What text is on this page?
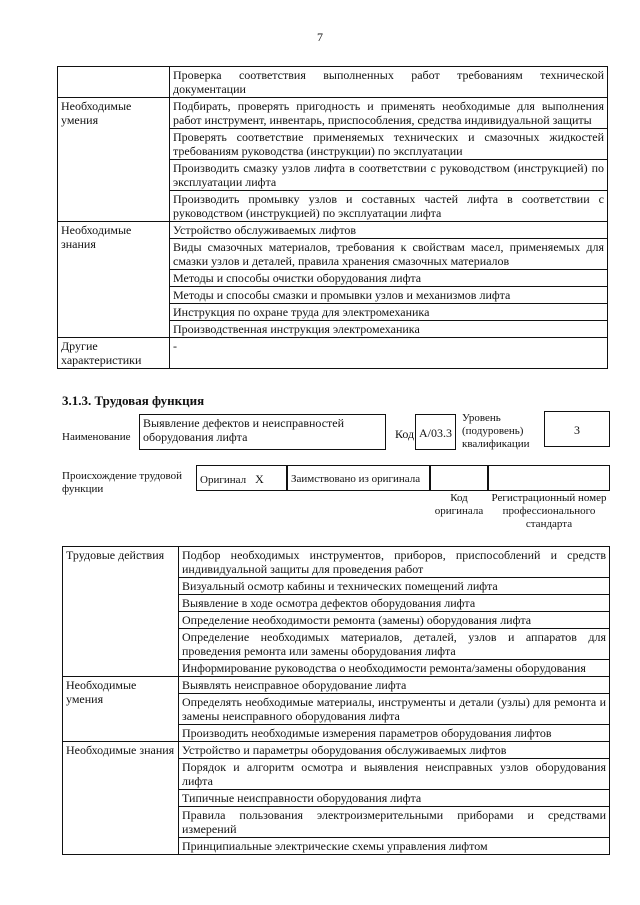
7
	Проверка соответствия выполненных работ требованиям технической документации
Необходимые умения	Подбирать, проверять пригодность и применять необходимые для выполнения работ инструмент, инвентарь, приспособления, средства индивидуальной защиты
	Проверять соответствие применяемых технических и смазочных жидкостей требованиям руководства (инструкции) по эксплуатации
	Производить смазку узлов лифта в соответствии с руководством (инструкцией) по эксплуатации лифта
	Производить промывку узлов и составных частей лифта в соответствии с руководством (инструкцией) по эксплуатации лифта
Необходимые знания	Устройство обслуживаемых лифтов
	Виды смазочных материалов, требования к свойствам масел, применяемых для смазки узлов и деталей, правила хранения смазочных материалов
	Методы и способы очистки оборудования лифта
	Методы и способы смазки и промывки узлов и механизмов лифта
	Инструкция по охране труда для электромеханика
	Производственная инструкция электромеханика
Другие характеристики	-
3.1.3. Трудовая функция
Наименование
Выявление дефектов и неисправностей оборудования лифта	Код А/03.3
Уровень (подуровень) квалификации
3
Происхождение трудовой функции
Оригинал X	Заимствовано из оригинала
Код оригинала
Регистрационный номер профессионального стандарта
Трудовые действия	Подбор необходимых инструментов, приборов, приспособлений и средств индивидуальной защиты для проведения работ
	Визуальный осмотр кабины и технических помещений лифта
	Выявление в ходе осмотра дефектов оборудования лифта
	Определение необходимости ремонта (замены) оборудования лифта
	Определение необходимых материалов, деталей, узлов и аппаратов для проведения ремонта или замены оборудования лифта
	Информирование руководства о необходимости ремонта/замены оборудования
Необходимые умения	Выявлять неисправное оборудование лифта
	Определять необходимые материалы, инструменты и детали (узлы) для ремонта и замены неисправного оборудования лифта
	Производить необходимые измерения параметров оборудования лифтов
Необходимые знания	Устройство и параметры оборудования обслуживаемых лифтов
	Порядок и алгоритм осмотра и выявления неисправных узлов оборудования лифта
	Типичные неисправности оборудования лифта
	Правила пользования электроизмерительными приборами и средствами измерений
	Принципиальные электрические схемы управления лифтом
